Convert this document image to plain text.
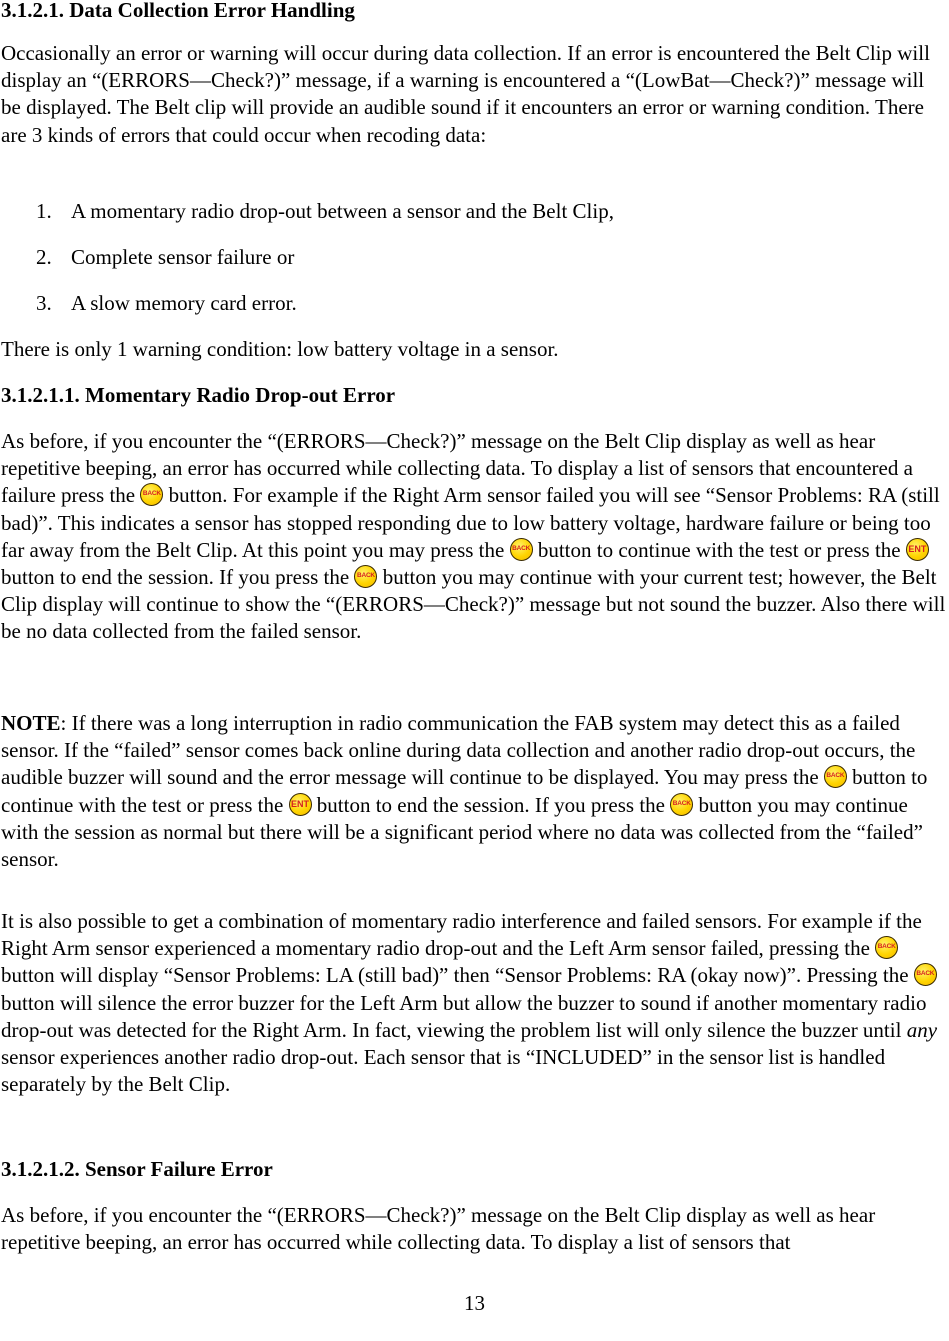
3.1.2.1. Data Collection Error Handling

Occasionally an error or warning will occur during data collection. If an error is encountered the Belt Clip will display an “(ERRORS—Check?)” message, if a warning is encountered a “(LowBat—Check?)” message will be displayed. The Belt clip will provide an audible sound if it encounters an error or warning condition. There are 3 kinds of errors that could occur when recoding data:

1. A momentary radio drop-out between a sensor and the Belt Clip,
2. Complete sensor failure or
3. A slow memory card error.

There is only 1 warning condition: low battery voltage in a sensor.

3.1.2.1.1. Momentary Radio Drop-out Error

As before, if you encounter the “(ERRORS—Check?)” message on the Belt Clip display as well as hear repetitive beeping, an error has occurred while collecting data. To display a list of sensors that encountered a failure press the BACK button. For example if the Right Arm sensor failed you will see “Sensor Problems: RA (still bad)”. This indicates a sensor has stopped responding due to low battery voltage, hardware failure or being too far away from the Belt Clip. At this point you may press the BACK button to continue with the test or press the ENT button to end the session. If you press the BACK button you may continue with your current test; however, the Belt Clip display will continue to show the “(ERRORS—Check?)” message but not sound the buzzer. Also there will be no data collected from the failed sensor.

NOTE: If there was a long interruption in radio communication the FAB system may detect this as a failed sensor. If the “failed” sensor comes back online during data collection and another radio drop-out occurs, the audible buzzer will sound and the error message will continue to be displayed. You may press the BACK button to continue with the test or press the ENT button to end the session. If you press the BACK button you may continue with the session as normal but there will be a significant period where no data was collected from the “failed” sensor.

It is also possible to get a combination of momentary radio interference and failed sensors. For example if the Right Arm sensor experienced a momentary radio drop-out and the Left Arm sensor failed, pressing the BACK button will display “Sensor Problems: LA (still bad)” then “Sensor Problems: RA (okay now)”. Pressing the BACK button will silence the error buzzer for the Left Arm but allow the buzzer to sound if another momentary radio drop-out was detected for the Right Arm. In fact, viewing the problem list will only silence the buzzer until any sensor experiences another radio drop-out. Each sensor that is “INCLUDED” in the sensor list is handled separately by the Belt Clip.

3.1.2.1.2. Sensor Failure Error

As before, if you encounter the “(ERRORS—Check?)” message on the Belt Clip display as well as hear repetitive beeping, an error has occurred while collecting data. To display a list of sensors that

13
